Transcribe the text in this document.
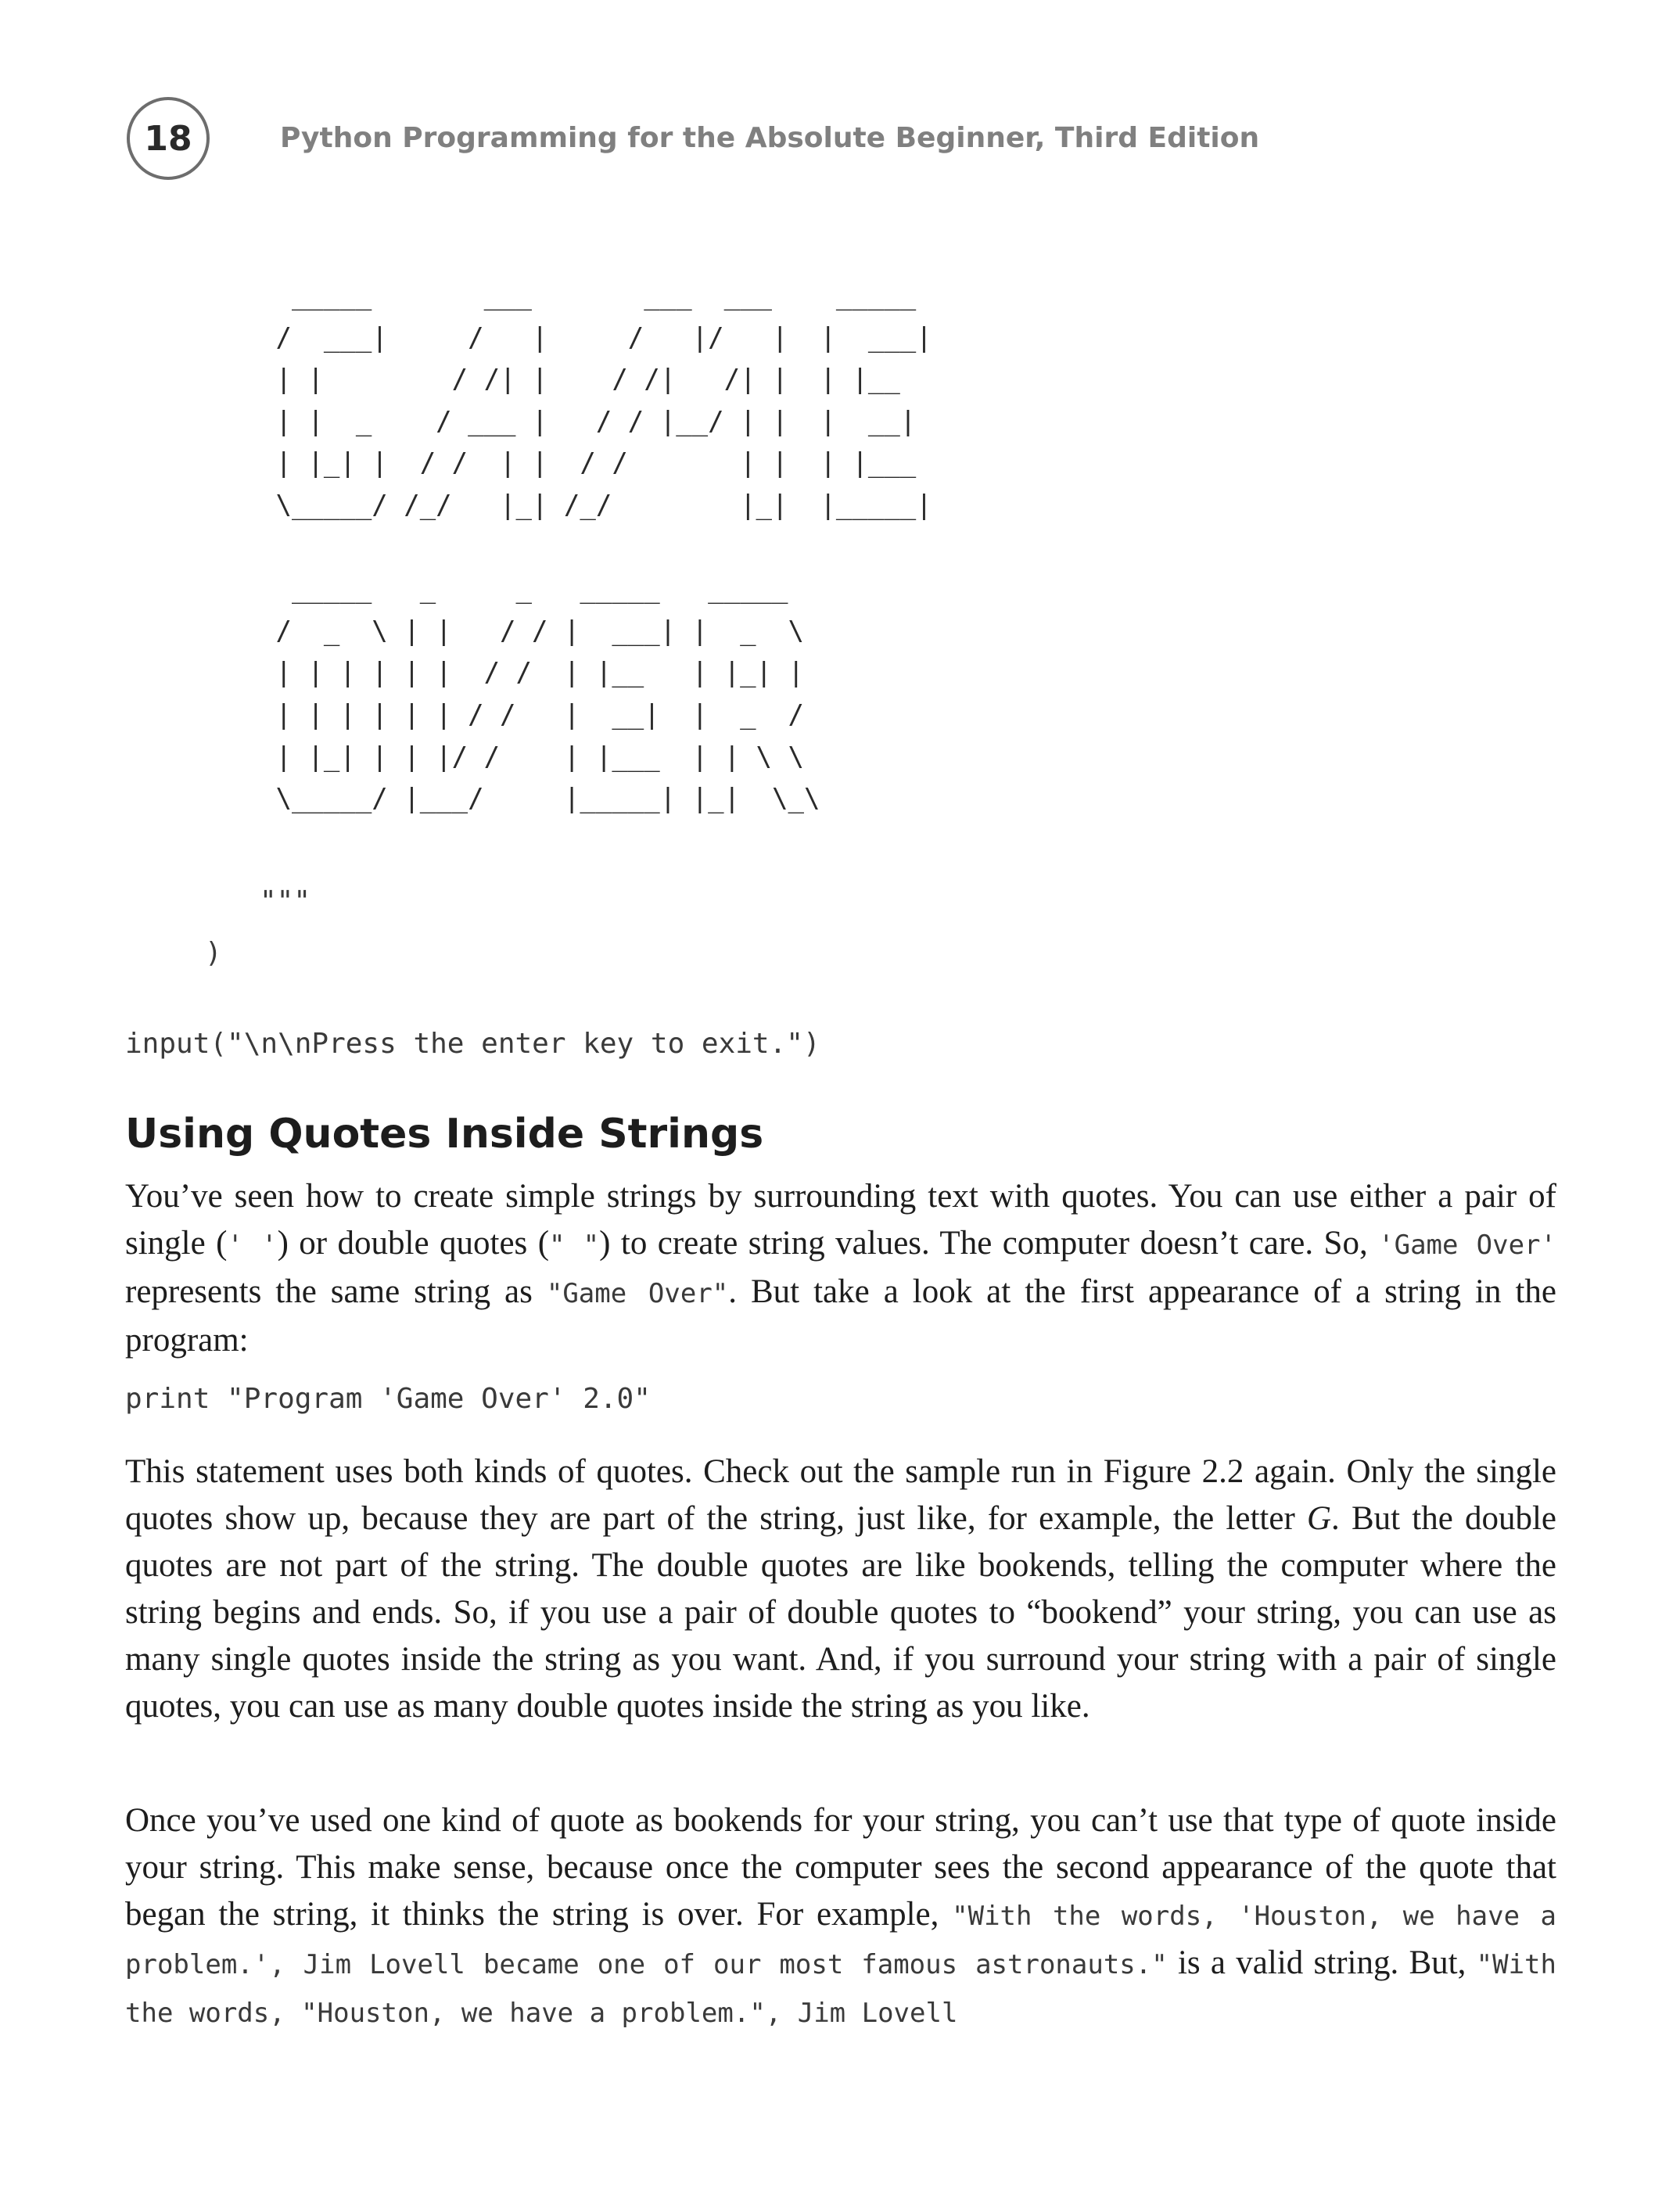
18	Python Programming for the Absolute Beginner, Third Edition
_____       ___       ___  ___    _____
/  ___|     /   |     /   |/   |  |  ___|
| |        / /| |    / /|   /| |  | |__
| |  _    / ___ |   / / |__/ | |  |  __|
| |_| |  / /  | |  / /       | |  | |___
\_____/ /_/   |_| /_/        |_|  |_____|

_____   _     _   _____   _____
/  _  \ | |   / / |  ___| |  _  \
| | | | | |  / /  | |__   | |_| |
| | | | | | / /   |  __|  |  _  /
| |_| | | |/ /    | |___  | | \ \
\_____/ |___/     |_____| |_|  \_\
"""
)
input("\n\nPress the enter key to exit.")
Using Quotes Inside Strings

You’ve seen how to create simple strings by surrounding text with quotes. You can use either a pair of single (' ') or double quotes (" ") to create string values. The computer doesn’t care. So, 'Game Over' represents the same string as "Game Over". But take a look at the first appearance of a string in the program:

print "Program 'Game Over' 2.0"

This statement uses both kinds of quotes. Check out the sample run in Figure 2.2 again. Only the single quotes show up, because they are part of the string, just like, for example, the letter G. But the double quotes are not part of the string. The double quotes are like bookends, telling the computer where the string begins and ends. So, if you use a pair of double quotes to “bookend” your string, you can use as many single quotes inside the string as you want. And, if you surround your string with a pair of single quotes, you can use as many double quotes inside the string as you like.

Once you’ve used one kind of quote as bookends for your string, you can’t use that type of quote inside your string. This make sense, because once the computer sees the second appearance of the quote that began the string, it thinks the string is over. For example, "With the words, 'Houston, we have a problem.', Jim Lovell became one of our most famous astronauts." is a valid string. But, "With the words, "Houston, we have a problem.", Jim Lovell
